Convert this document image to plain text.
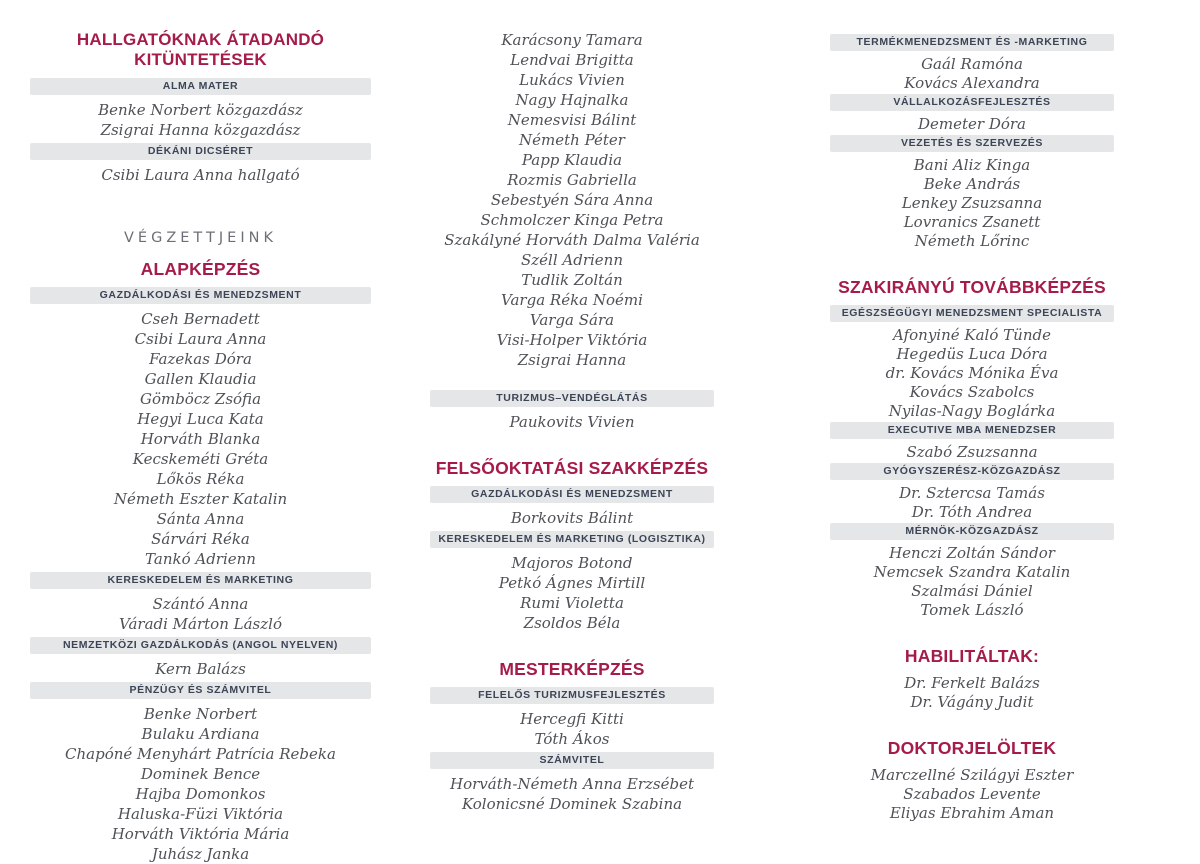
HALLGATÓKNAK ÁTADANDÓ KITÜNTETÉSEK
ALMA MATER
Benke Norbert közgazdász
Zsigrai Hanna közgazdász
DÉKÁNI DICSÉRET
Csibi Laura Anna hallgató
VÉGZETTJEINK
ALAPKÉPZÉS
GAZDÁLKODÁSI ÉS MENEDZSMENT
Cseh Bernadett
Csibi Laura Anna
Fazekas Dóra
Gallen Klaudia
Gömböcz Zsófia
Hegyi Luca Kata
Horváth Blanka
Kecskeméti Gréta
Lőkös Réka
Németh Eszter Katalin
Sánta Anna
Sárvári Réka
Tankó Adrienn
KERESKEDELEM ÉS MARKETING
Szántó Anna
Váradi Márton László
NEMZETKÖZI GAZDÁLKODÁS (ANGOL NYELVEN)
Kern Balázs
PÉNZÜGY ÉS SZÁMVITEL
Benke Norbert
Bulaku Ardiana
Chapóné Menyhárt Patrícia Rebeka
Dominek Bence
Hajba Domonkos
Haluska-Füzi Viktória
Horváth Viktória Mária
Juhász Janka
Karácsony Tamara
Lendvai Brigitta
Lukács Vivien
Nagy Hajnalka
Nemesvisi Bálint
Németh Péter
Papp Klaudia
Rozmis Gabriella
Sebestyén Sára Anna
Schmolczer Kinga Petra
Szakályné Horváth Dalma Valéria
Széll Adrienn
Tudlik Zoltán
Varga Réka Noémi
Varga Sára
Visi-Holper Viktória
Zsigrai Hanna
TURIZMUS–VENDÉGLÁTÁS
Paukovits Vivien
FELSŐOKTATÁSI SZAKKÉPZÉS
GAZDÁLKODÁSI ÉS MENEDZSMENT
Borkovits Bálint
KERESKEDELEM ÉS MARKETING (LOGISZTIKA)
Majoros Botond
Petkó Ágnes Mirtill
Rumi Violetta
Zsoldos Béla
MESTERKÉPZÉS
FELELŐS TURIZMUSFEJLESZTÉS
Hercegfi Kitti
Tóth Ákos
SZÁMVITEL
Horváth-Németh Anna Erzsébet
Kolonicsné Dominek Szabina
TERMÉKMENEDZSMENT ÉS -MARKETING
Gaál Ramóna
Kovács Alexandra
VÁLLALKOZÁSFEJLESZTÉS
Demeter Dóra
VEZETÉS ÉS SZERVEZÉS
Bani Aliz Kinga
Beke András
Lenkey Zsuzsanna
Lovranics Zsanett
Németh Lőrinc
SZAKIRÁNYÚ TOVÁBBKÉPZÉS
EGÉSZSÉGÜGYI MENEDZSMENT SPECIALISTA
Afonyiné Kaló Tünde
Hegedüs Luca Dóra
dr. Kovács Mónika Éva
Kovács Szabolcs
Nyilas-Nagy Boglárka
EXECUTIVE MBA MENEDZSER
Szabó Zsuzsanna
GYÓGYSZERÉSZ-KÖZGAZDÁSZ
Dr. Sztercsa Tamás
Dr. Tóth Andrea
MÉRNÖK-KÖZGAZDÁSZ
Henczi Zoltán Sándor
Nemcsek Szandra Katalin
Szalmási Dániel
Tomek László
HABILITÁLTAK:
Dr. Ferkelt Balázs
Dr. Vágány Judit
DOKTORJELÖLTEK
Marczellné Szilágyi Eszter
Szabados Levente
Eliyas Ebrahim Aman
